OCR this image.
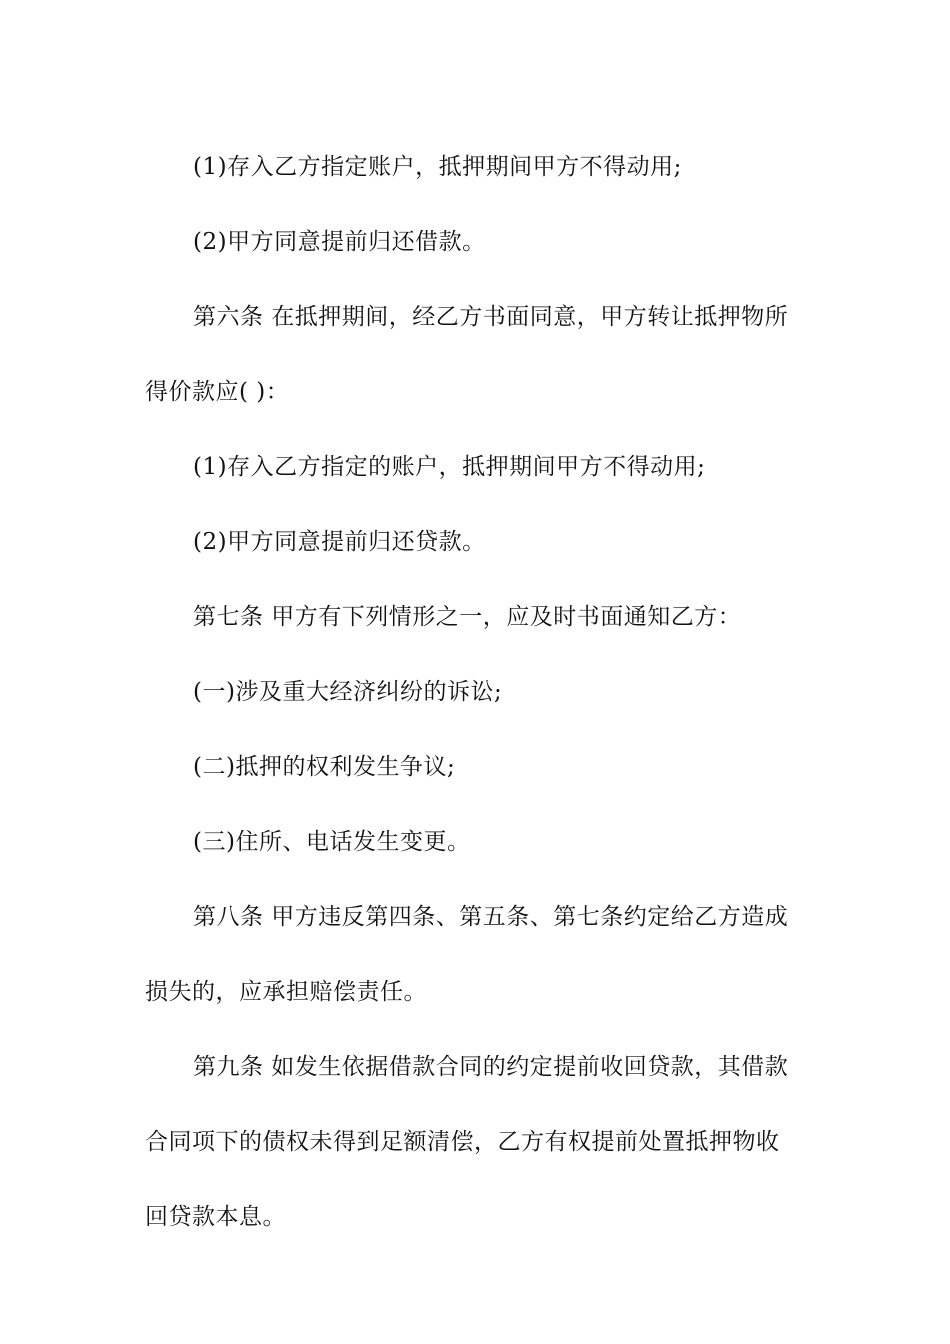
(1)存入乙方指定账户，抵押期间甲方不得动用;
(2)甲方同意提前归还借款。
第六条 在抵押期间，经乙方书面同意，甲方转让抵押物所
得价款应( )：
(1)存入乙方指定的账户，抵押期间甲方不得动用;
(2)甲方同意提前归还贷款。
第七条 甲方有下列情形之一，应及时书面通知乙方：
(一)涉及重大经济纠纷的诉讼;
(二)抵押的权利发生争议;
(三)住所、电话发生变更。
第八条 甲方违反第四条、第五条、第七条约定给乙方造成
损失的，应承担赔偿责任。
第九条 如发生依据借款合同的约定提前收回贷款，其借款
合同项下的债权未得到足额清偿，乙方有权提前处置抵押物收
回贷款本息。
